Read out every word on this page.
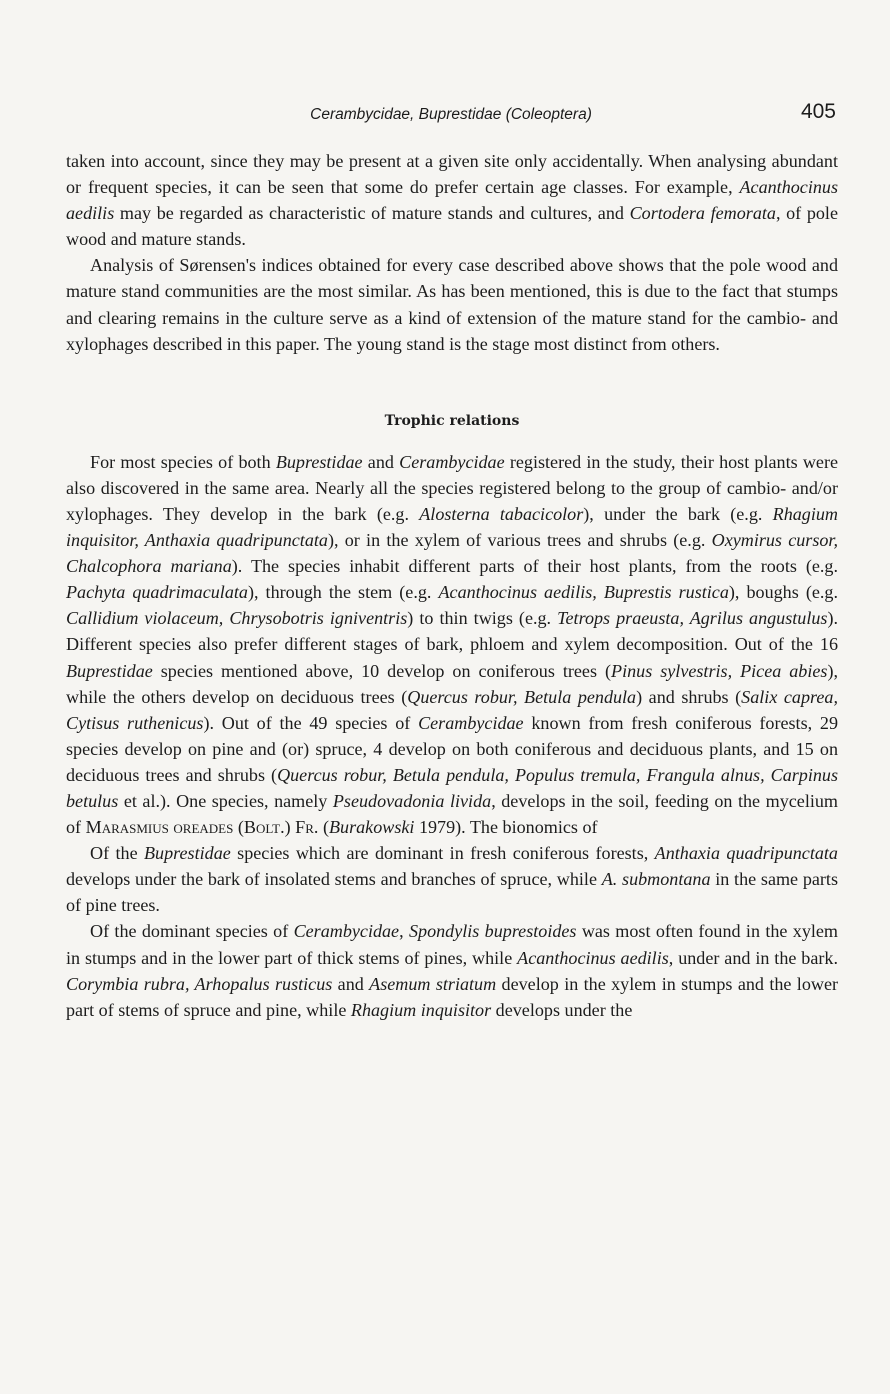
Cerambycidae, Buprestidae (Coleoptera)	405

taken into account, since they may be present at a given site only accidentally. When analysing abundant or frequent species, it can be seen that some do prefer certain age classes. For example, Acanthocinus aedilis may be regarded as characteristic of mature stands and cultures, and Cortodera femorata, of pole wood and mature stands.

Analysis of Sørensen's indices obtained for every case described above shows that the pole wood and mature stand communities are the most similar. As has been mentioned, this is due to the fact that stumps and clearing remains in the culture serve as a kind of extension of the mature stand for the cambio- and xylophages described in this paper. The young stand is the stage most distinct from others.

Trophic relations

For most species of both Buprestidae and Cerambycidae registered in the study, their host plants were also discovered in the same area. Nearly all the species registered belong to the group of cambio- and/or xylophages. They develop in the bark (e.g. Alosterna tabacicolor), under the bark (e.g. Rhagium inquisitor, Anthaxia quadripunctata), or in the xylem of various trees and shrubs (e.g. Oxymirus cursor, Chalcophora mariana). The species inhabit different parts of their host plants, from the roots (e.g. Pachyta quadrimaculata), through the stem (e.g. Acanthocinus aedilis, Buprestis rustica), boughs (e.g. Callidium violaceum, Chrysobotris igniventris) to thin twigs (e.g. Tetrops praeusta, Agrilus angustulus). Different species also prefer different stages of bark, phloem and xylem decomposition. Out of the 16 Buprestidae species mentioned above, 10 develop on coniferous trees (Pinus sylvestris, Picea abies), while the others develop on deciduous trees (Quercus robur, Betula pendula) and shrubs (Salix caprea, Cytisus ruthenicus). Out of the 49 species of Cerambycidae known from fresh coniferous forests, 29 species develop on pine and (or) spruce, 4 develop on both coniferous and deciduous plants, and 15 on deciduous trees and shrubs (Quercus robur, Betula pendula, Populus tremula, Frangula alnus, Carpinus betulus et al.). One species, namely Pseudovadonia livida, develops in the soil, feeding on the mycelium of Marasmius oreades (Bolt.) Fr. (Burakowski 1979). The bionomics of

Of the Buprestidae species which are dominant in fresh coniferous forests, Anthaxia quadripunctata develops under the bark of insolated stems and branches of spruce, while A. submontana in the same parts of pine trees.

Of the dominant species of Cerambycidae, Spondylis buprestoides was most often found in the xylem in stumps and in the lower part of thick stems of pines, while Acanthocinus aedilis, under and in the bark. Corymbia rubra, Arhopalus rusticus and Asemum striatum develop in the xylem in stumps and the lower part of stems of spruce and pine, while Rhagium inquisitor develops under the
